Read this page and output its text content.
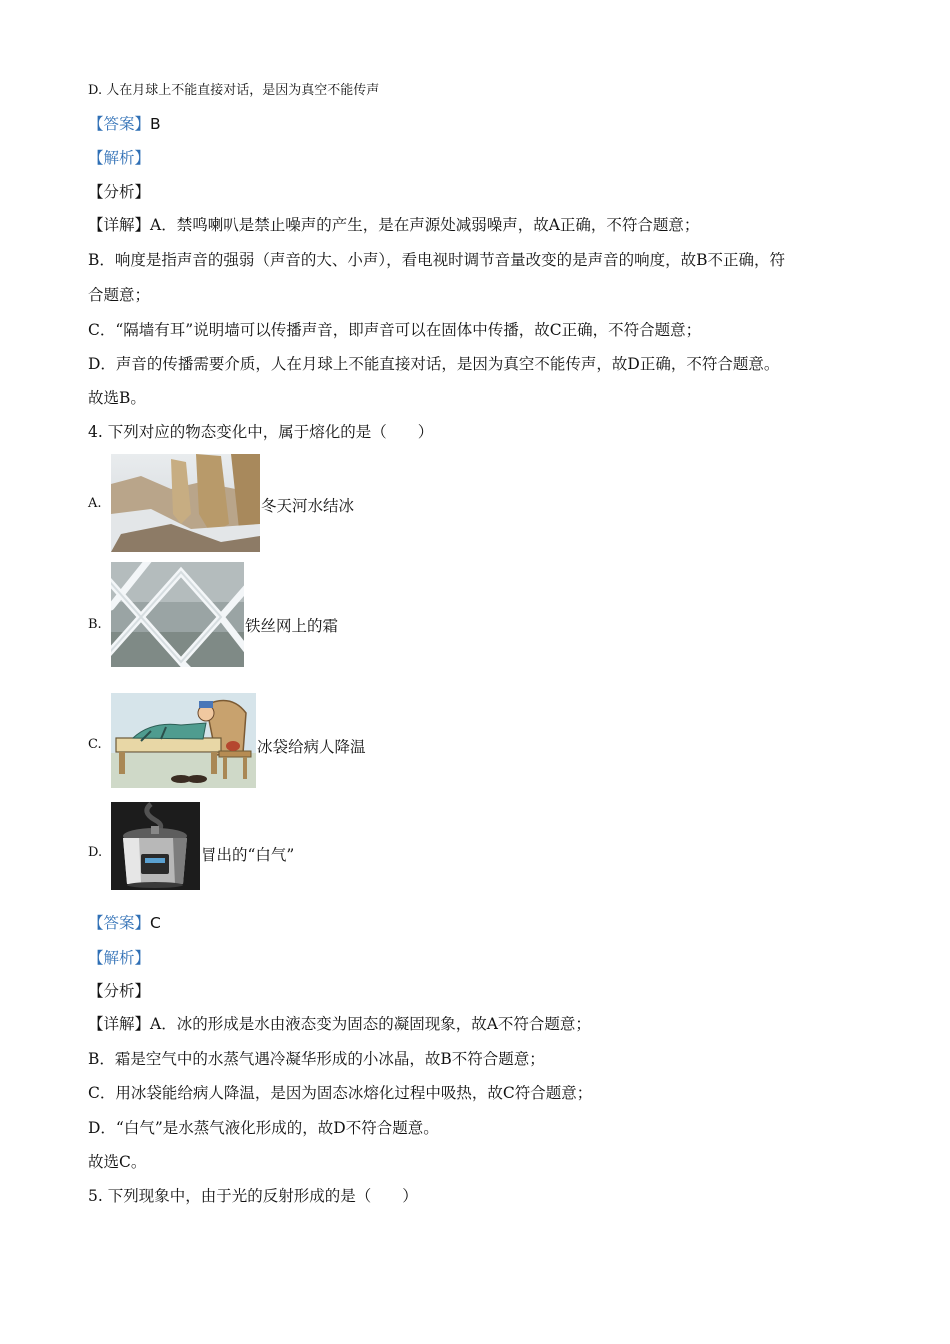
D. 人在月球上不能直接对话，是因为真空不能传声
【答案】B
【解析】
【分析】
【详解】A．禁鸣喇叭是禁止噪声的产生，是在声源处减弱噪声，故A正确，不符合题意；
B．响度是指声音的强弱（声音的大、小声），看电视时调节音量改变的是声音的响度，故B不正确，符
合题意；
C．“隔墙有耳”说明墙可以传播声音，即声音可以在固体中传播，故C正确，不符合题意；
D．声音的传播需要介质，人在月球上不能直接对话，是因为真空不能传声，故D正确，不符合题意。
故选B。
4. 下列对应的物态变化中，属于熔化的是（　　）
A.	冬天河水结冰
B.	铁丝网上的霜
C.	冰袋给病人降温
D.	冒出的“白气”
【答案】C
【解析】
【分析】
【详解】A．冰的形成是水由液态变为固态的凝固现象，故A不符合题意；
B．霜是空气中的水蒸气遇冷凝华形成的小冰晶，故B不符合题意；
C．用冰袋能给病人降温，是因为固态冰熔化过程中吸热，故C符合题意；
D．“白气”是水蒸气液化形成的，故D不符合题意。
故选C。
5. 下列现象中，由于光的反射形成的是（　　）
